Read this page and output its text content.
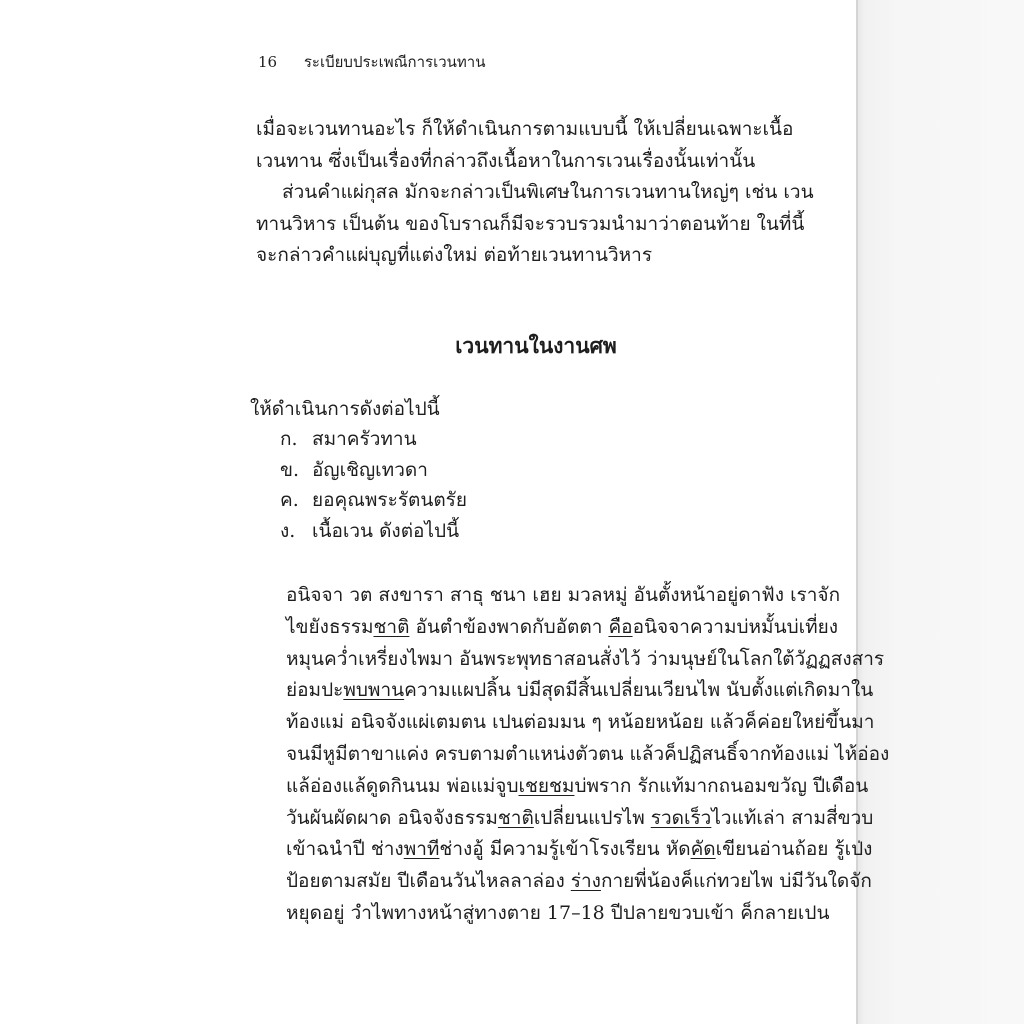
16 ระเบียบประเพณีการเวนทาน

เมื่อจะเวนทานอะไร ก็ให้ดำเนินการตามแบบนี้ ให้เปลี่ยนเฉพาะเนื้อเวนทาน ซึ่งเป็นเรื่องที่กล่าวถึงเนื้อหาในการเวนเรื่องนั้นเท่านั้น

ส่วนคำแผ่กุสล มักจะกล่าวเป็นพิเศษในการเวนทานใหญ่ๆ เช่น เวนทานวิหาร เป็นต้น ของโบราณก็มีจะรวบรวมนำมาว่าตอนท้าย ในที่นี้จะกล่าวคำแผ่บุญที่แต่งใหม่ ต่อท้ายเวนทานวิหาร

เวนทานในงานศพ
ให้ดำเนินการดังต่อไปนี้
ก. สมาครัวทาน
ข. อัญเชิญเทวดา
ค. ยอคุณพระรัตนตรัย
ง. เนื้อเวน ดังต่อไปนี้
อนิจจา วต สงขารา สาธุ ชนา เฮย มวลหมู่ อันตั้งหน้าอยู่ดาฟัง เราจัก
ไขยังธรรมชาติ อันตำข้องพาดกับอัตตา คืออนิจจาความบ่หมั้นบ่เที่ยง
หมุนคว่ำเหรี่ยงไพมา อันพระพุทธาสอนสั่งไว้ ว่ามนุษย์ในโลกใต้วัฏฏสงสาร
ย่อมปะพบพานความแผปลิ้น บ่มีสุดมีสิ้นเปลี่ยนเวียนไพ นับตั้งแต่เกิดมาใน
ท้องแม่ อนิจจังแผ่เตมตน เปนต่อมมน ๆ หน้อยหน้อย แล้วค็ค่อยใหย่ขึ้นมา
จนมีหูมีตาขาแค่ง ครบตามตำแหน่งตัวตน แล้วค็ปฏิสนธิ์จากท้องแม่ ไห้อ่อง
แล้อ่องแล้ดูดกินนม พ่อแม่จูบเชยชมบ่พราก รักแท้มากถนอมขวัญ ปีเดือน
วันผันผัดผาด อนิจจังธรรมชาติเปลี่ยนแปรไพ รวดเร็วไวแท้เล่า สามสี่ขวบ
เข้าฉนำปี ช่างพาทีช่างอู้ มีความรู้เข้าโรงเรียน หัดคัดเขียนอ่านถ้อย รู้เป่ง
ป้อยตามสมัย ปีเดือนวันไหลลาล่อง ร่างกายพี่น้องค็แก่ทวยไพ บ่มีวันใดจัก
หยุดอยู่ วำไพทางหน้าสู่ทางตาย 17–18 ปีปลายขวบเข้า ค็กลายเปน
